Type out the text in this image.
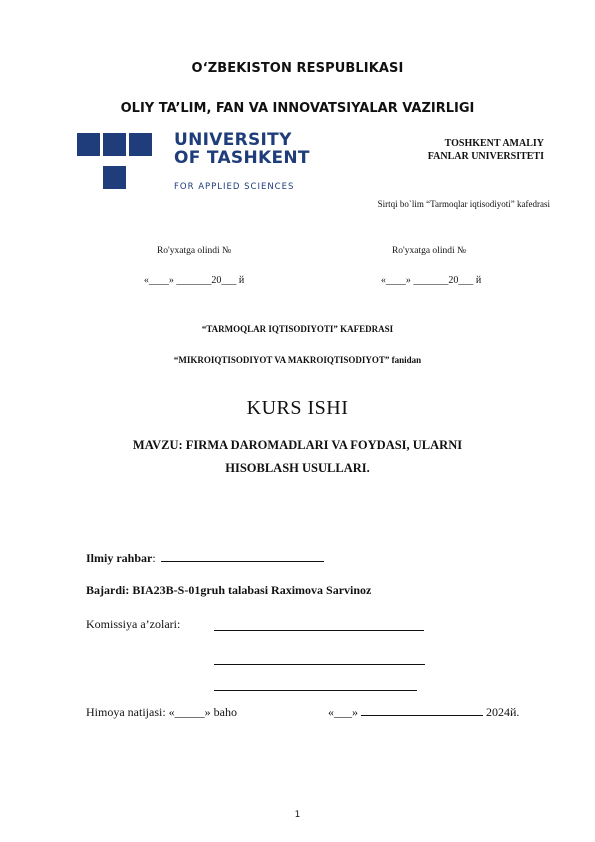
O‘ZBEKISTON RESPUBLIKASI
OLIY TA’LIM, FAN VA INNOVATSIYALAR VAZIRLIGI
UNIVERSITY
OF TASHKENT
FOR APPLIED SCIENCES
TOSHKENT AMALIY
FANLAR UNIVERSITETI
Sirtqi bo`lim “Tarmoqlar iqtisodiyoti” kafedrasi
Ro'yxatga olindi №	Ro'yxatga olindi №
«____» _______20___ й	«____» _______20___ й
“TARMOQLAR IQTISODIYOTI” KAFEDRASI
“MIKROIQTISODIYOT VA MAKROIQTISODIYOT” fanidan
KURS ISHI
MAVZU: FIRMA DAROMADLARI VA FOYDASI, ULARNI
HISOBLASH USULLARI.
Ilmiy rahbar:
Bajardi: BIA23B-S-01gruh talabasi Raximova Sarvinoz
Komissiya a’zolari:
Himoya natijasi: «_____» baho	«___»	2024й.
1
